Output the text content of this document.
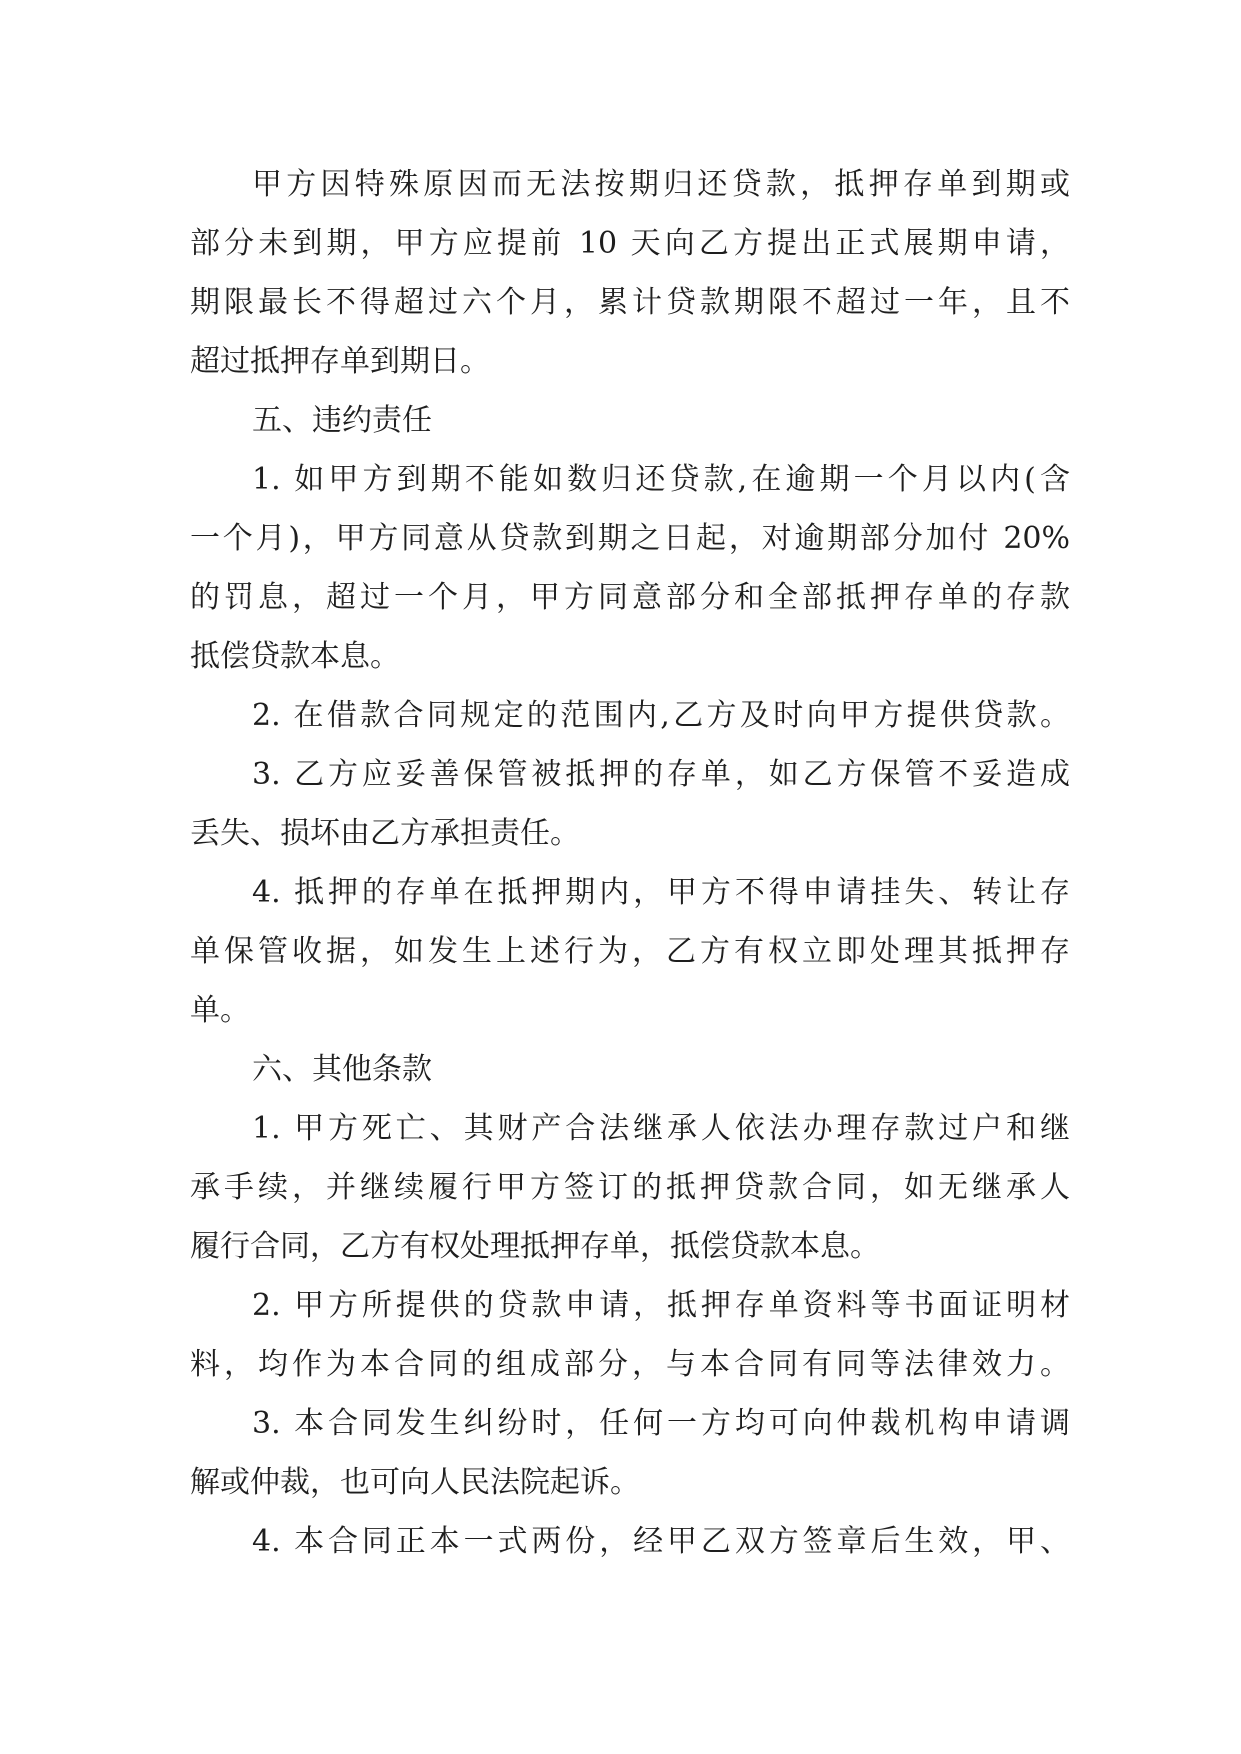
甲方因特殊原因而无法按期归还贷款，抵押存单到期或
部分未到期，甲方应提前 10 天向乙方提出正式展期申请，
期限最长不得超过六个月，累计贷款期限不超过一年，且不
超过抵押存单到期日。
五、违约责任
1. 如甲方到期不能如数归还贷款,在逾期一个月以内(含
一个月)，甲方同意从贷款到期之日起，对逾期部分加付 20%
的罚息，超过一个月，甲方同意部分和全部抵押存单的存款
抵偿贷款本息。
2. 在借款合同规定的范围内,乙方及时向甲方提供贷款。
3. 乙方应妥善保管被抵押的存单，如乙方保管不妥造成
丢失、损坏由乙方承担责任。
4. 抵押的存单在抵押期内，甲方不得申请挂失、转让存
单保管收据，如发生上述行为，乙方有权立即处理其抵押存
单。
六、其他条款
1. 甲方死亡、其财产合法继承人依法办理存款过户和继
承手续，并继续履行甲方签订的抵押贷款合同，如无继承人
履行合同，乙方有权处理抵押存单，抵偿贷款本息。
2. 甲方所提供的贷款申请，抵押存单资料等书面证明材
料，均作为本合同的组成部分，与本合同有同等法律效力。
3. 本合同发生纠纷时，任何一方均可向仲裁机构申请调
解或仲裁，也可向人民法院起诉。
4. 本合同正本一式两份，经甲乙双方签章后生效，甲、
